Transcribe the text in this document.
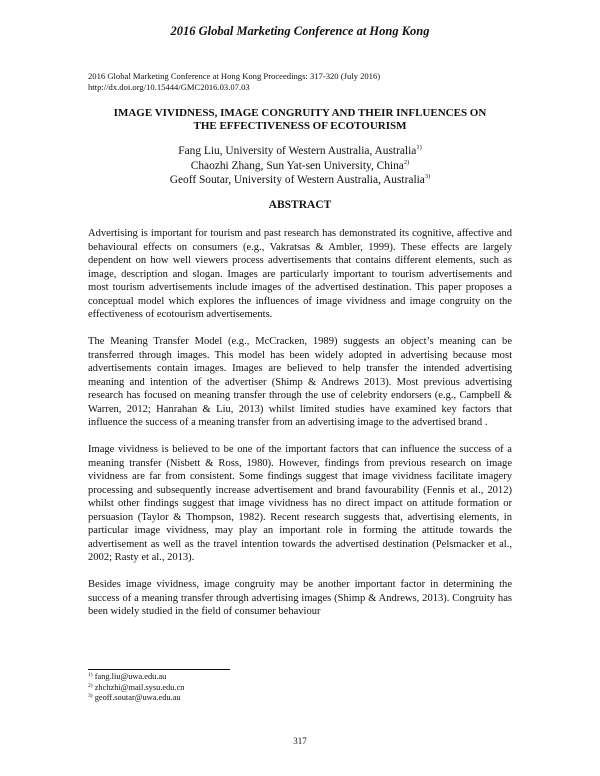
2016 Global Marketing Conference at Hong Kong
2016 Global Marketing Conference at Hong Kong Proceedings: 317-320 (July 2016)
http://dx.doi.org/10.15444/GMC2016.03.07.03
IMAGE VIVIDNESS, IMAGE CONGRUITY AND THEIR INFLUENCES ON
THE EFFECTIVENESS OF ECOTOURISM
Fang Liu, University of Western Australia, Australia$^{1)}$
Chaozhi Zhang, Sun Yat-sen University, China$^{2)}$
Geoff Soutar, University of Western Australia, Australia$^{3)}$
ABSTRACT

Advertising is important for tourism and past research has demonstrated its cognitive, affective and behavioural effects on consumers (e.g., Vakratsas & Ambler, 1999). These effects are largely dependent on how well viewers process advertisements that contains different elements, such as image, description and slogan. Images are particularly important to tourism advertisements and most tourism advertisements include images of the advertised destination. This paper proposes a conceptual model which explores the influences of image vividness and image congruity on the effectiveness of ecotourism advertisements.

The Meaning Transfer Model (e.g., McCracken, 1989) suggests an object’s meaning can be transferred through images. This model has been widely adopted in advertising because most advertisements contain images. Images are believed to help transfer the intended advertising meaning and intention of the advertiser (Shimp & Andrews 2013). Most previous advertising research has focused on meaning transfer through the use of celebrity endorsers (e.g., Campbell & Warren, 2012; Hanrahan & Liu, 2013) whilst limited studies have examined key factors that influence the success of a meaning transfer from an advertising image to the advertised brand .

Image vividness is believed to be one of the important factors that can influence the success of a meaning transfer (Nisbett & Ross, 1980). However, findings from previous research on image vividness are far from consistent. Some findings suggest that image vividness facilitate imagery processing and subsequently increase advertisement and brand favourability (Fennis et al., 2012) whilst other findings suggest that image vividness has no direct impact on attitude formation or persuasion (Taylor & Thompson, 1982). Recent research suggests that, advertising elements, in particular image vividness, may play an important role in forming the attitude towards the advertisement as well as the travel intention towards the advertised destination (Pelsmacker et al., 2002; Rasty et al., 2013).

Besides image vividness, image congruity may be another important factor in determining the success of a meaning transfer through advertising images (Shimp & Andrews, 2013). Congruity has been widely studied in the field of consumer behaviour

$^{1)}$ fang.liu@uwa.edu.au
$^{2)}$ zhchzhi@mail.sysu.edu.cn
$^{3)}$ geoff.soutar@uwa.edu.au
317
